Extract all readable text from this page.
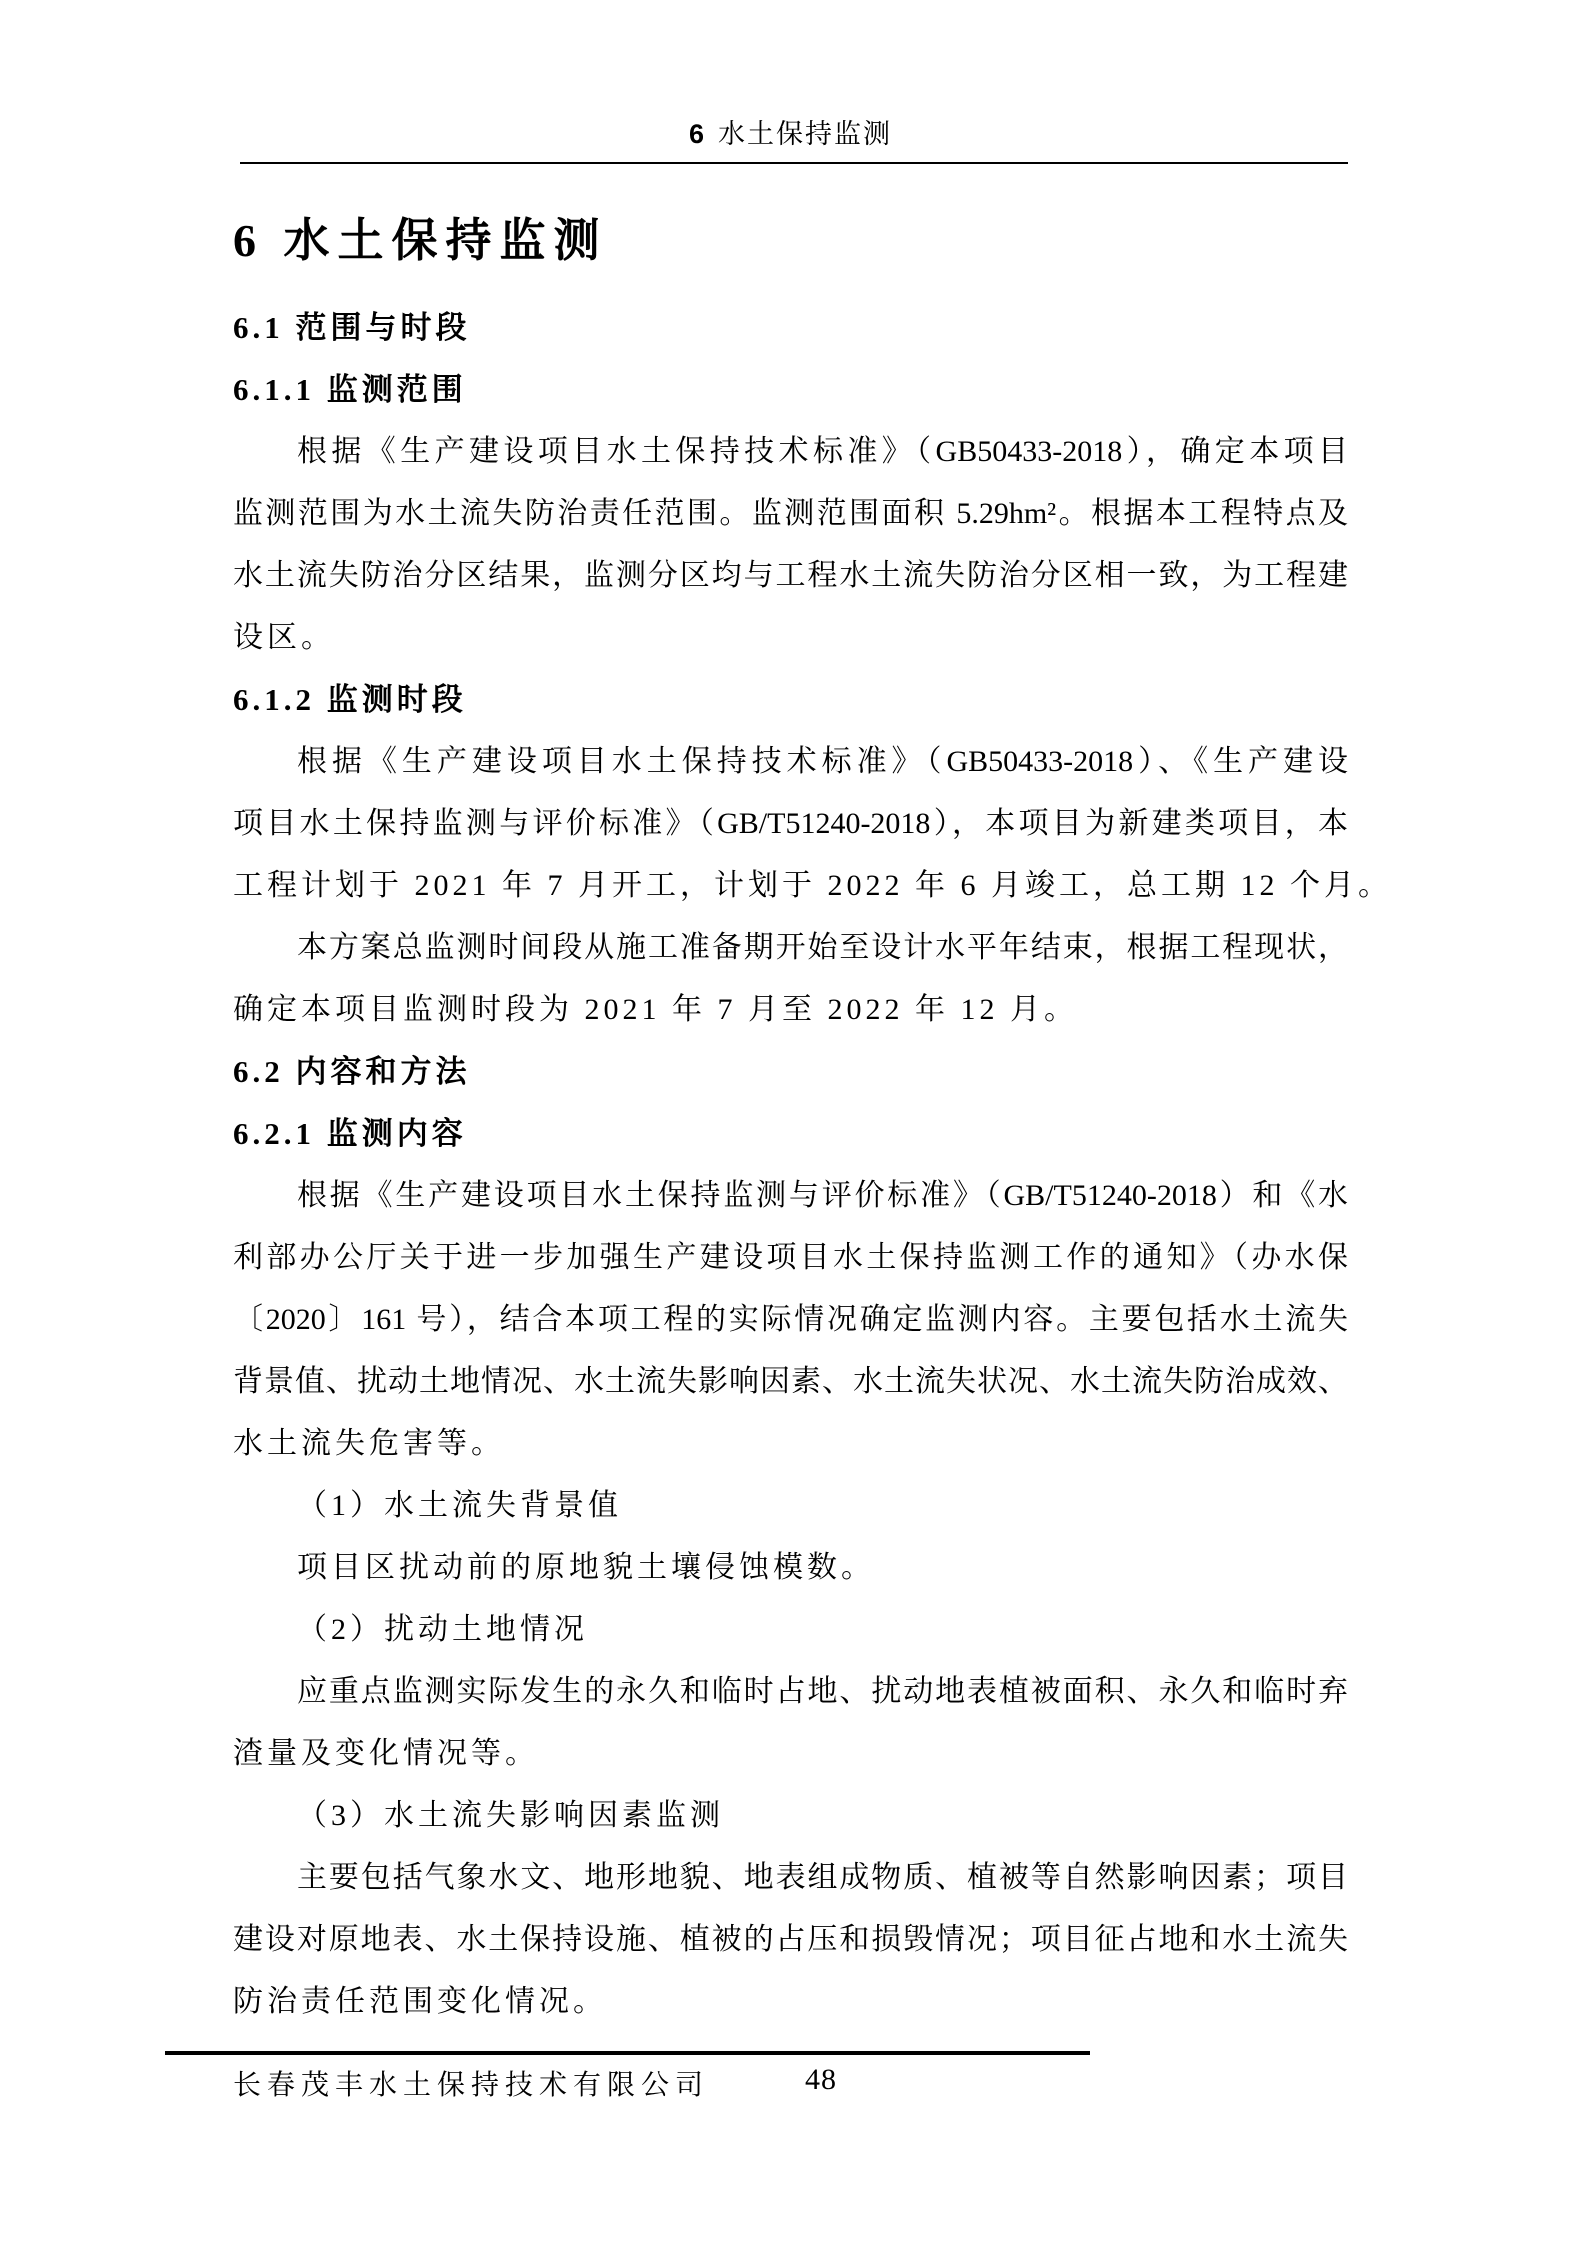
6 水土保持监测
6 水土保持监测
6.1 范围与时段
6.1.1 监测范围
根据《生产建设项目水土保持技术标准》（GB50433-2018），确定本项目
监测范围为水土流失防治责任范围。监测范围面积 5.29hm²。根据本工程特点及
水土流失防治分区结果，监测分区均与工程水土流失防治分区相一致，为工程建
设区。
6.1.2 监测时段
根据《生产建设项目水土保持技术标准》（GB50433-2018）、《生产建设
项目水土保持监测与评价标准》（GB/T51240-2018），本项目为新建类项目，本
工程计划于 2021 年 7 月开工，计划于 2022 年 6 月竣工，总工期 12 个月。
本方案总监测时间段从施工准备期开始至设计水平年结束，根据工程现状，
确定本项目监测时段为 2021 年 7 月至 2022 年 12 月。
6.2 内容和方法
6.2.1 监测内容
根据《生产建设项目水土保持监测与评价标准》（GB/T51240-2018）和《水
利部办公厅关于进一步加强生产建设项目水土保持监测工作的通知》（办水保
〔2020〕161 号），结合本项工程的实际情况确定监测内容。主要包括水土流失
背景值、扰动土地情况、水土流失影响因素、水土流失状况、水土流失防治成效、
水土流失危害等。
（1）水土流失背景值
项目区扰动前的原地貌土壤侵蚀模数。
（2）扰动土地情况
应重点监测实际发生的永久和临时占地、扰动地表植被面积、永久和临时弃
渣量及变化情况等。
（3）水土流失影响因素监测
主要包括气象水文、地形地貌、地表组成物质、植被等自然影响因素；项目
建设对原地表、水土保持设施、植被的占压和损毁情况；项目征占地和水土流失
防治责任范围变化情况。
长春茂丰水土保持技术有限公司	48
